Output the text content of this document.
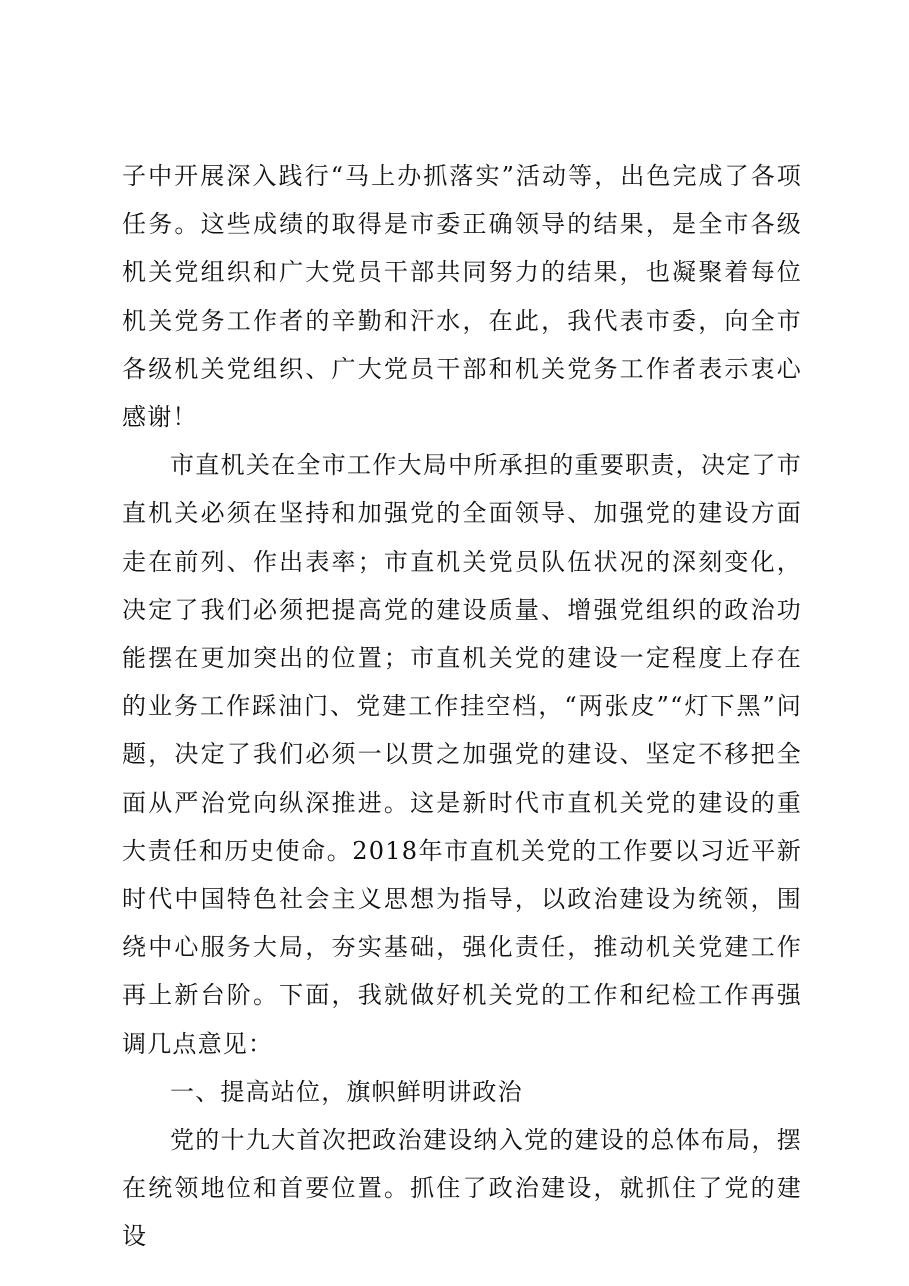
子中开展深入践行“马上办抓落实”活动等，出色完成了各项任务。这些成绩的取得是市委正确领导的结果，是全市各级机关党组织和广大党员干部共同努力的结果，也凝聚着每位机关党务工作者的辛勤和汗水，在此，我代表市委，向全市各级机关党组织、广大党员干部和机关党务工作者表示衷心感谢！

市直机关在全市工作大局中所承担的重要职责，决定了市直机关必须在坚持和加强党的全面领导、加强党的建设方面走在前列、作出表率；市直机关党员队伍状况的深刻变化，决定了我们必须把提高党的建设质量、增强党组织的政治功能摆在更加突出的位置；市直机关党的建设一定程度上存在的业务工作踩油门、党建工作挂空档，“两张皮”“灯下黑”问题，决定了我们必须一以贯之加强党的建设、坚定不移把全面从严治党向纵深推进。这是新时代市直机关党的建设的重大责任和历史使命。2018年市直机关党的工作要以习近平新时代中国特色社会主义思想为指导，以政治建设为统领，围绕中心服务大局，夯实基础，强化责任，推动机关党建工作再上新台阶。下面，我就做好机关党的工作和纪检工作再强调几点意见：

一、提高站位，旗帜鲜明讲政治

党的十九大首次把政治建设纳入党的建设的总体布局，摆在统领地位和首要位置。抓住了政治建设，就抓住了党的建设
